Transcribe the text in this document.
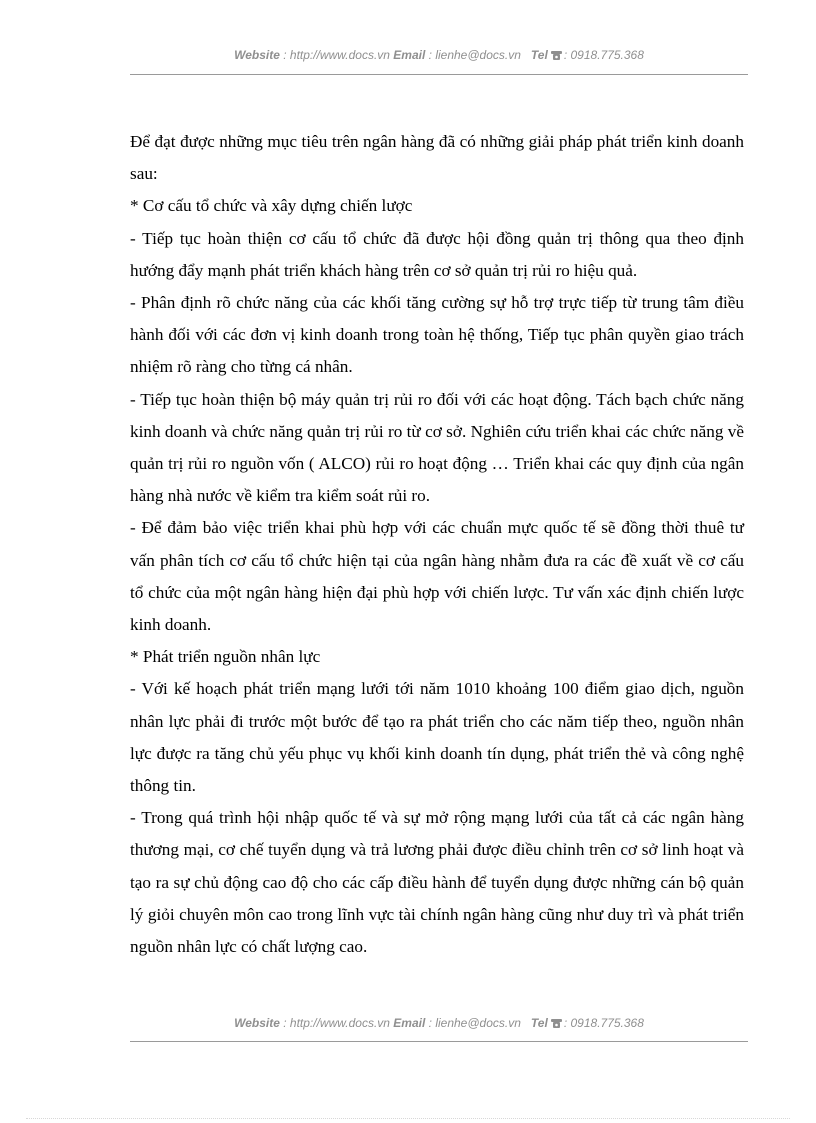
Website : http://www.docs.vn Email : lienhe@docs.vn Tel : 0918.775.368

Để đạt được những mục tiêu trên ngân hàng đã có những giải pháp phát triển kinh doanh sau:

* Cơ cấu tổ chức và xây dựng chiến lược

- Tiếp tục hoàn thiện cơ cấu tổ chức đã được hội đồng quản trị thông qua theo định hướng đẩy mạnh phát triển khách hàng trên cơ sở quản trị rủi ro hiệu quả.

- Phân định rõ chức năng của các khối tăng cường sự hỗ trợ trực tiếp từ trung tâm điều hành đối với các đơn vị kinh doanh trong toàn hệ thống, Tiếp tục phân quyền giao trách nhiệm rõ ràng cho từng cá nhân.

- Tiếp tục hoàn thiện bộ máy quản trị rủi ro đối với các hoạt động. Tách bạch chức năng kinh doanh và chức năng quản trị rủi ro từ cơ sở. Nghiên cứu triển khai các chức năng về quản trị rủi ro nguồn vốn ( ALCO) rủi ro hoạt động … Triển khai các quy định của ngân hàng nhà nước về kiểm tra kiểm soát rủi ro.

- Để đảm bảo việc triển khai phù hợp với các chuẩn mực quốc tế sẽ đồng thời thuê tư vấn phân tích cơ cấu tổ chức hiện tại của ngân hàng nhằm đưa ra các đề xuất về cơ cấu tổ chức của một ngân hàng hiện đại phù hợp với chiến lược. Tư vấn xác định chiến lược kinh doanh.

* Phát triển nguồn nhân lực

- Với kế hoạch phát triển mạng lưới tới năm 1010 khoảng 100 điểm giao dịch, nguồn nhân lực phải đi trước một bước để tạo ra phát triển cho các năm tiếp theo, nguồn nhân lực được ra tăng chủ yếu phục vụ khối kinh doanh tín dụng, phát triển thẻ và công nghệ thông tin.

- Trong quá trình hội nhập quốc tế và sự mở rộng mạng lưới của tất cả các ngân hàng thương mại, cơ chế tuyển dụng và trả lương phải được điều chỉnh trên cơ sở linh hoạt và tạo ra sự chủ động cao độ cho các cấp điều hành để tuyển dụng được những cán bộ quản lý giỏi chuyên môn cao trong lĩnh vực tài chính ngân hàng cũng như duy trì và phát triển nguồn nhân lực có chất lượng cao.

Website : http://www.docs.vn Email : lienhe@docs.vn Tel : 0918.775.368
